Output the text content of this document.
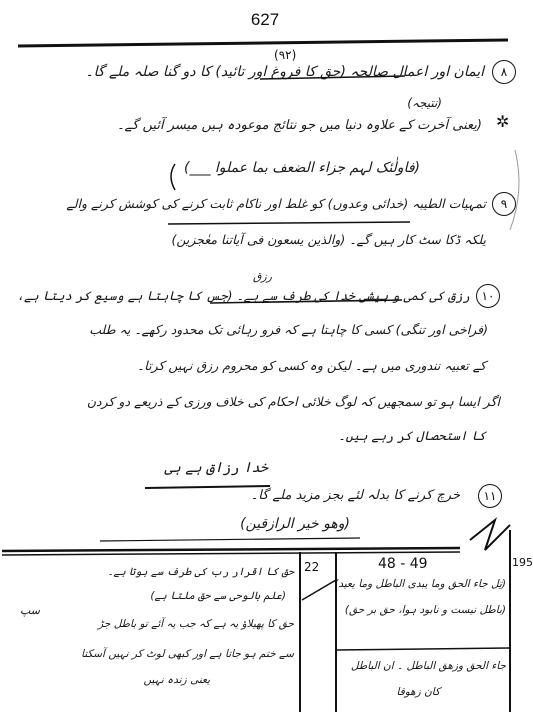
627
٨
ایمان اور اعمال صالحہ (حق کا فروغ اور تائید) کا دو گنا صلہ ملے گا۔
(٩٢)
(نتیجہ)
✲
(یعنی آخرت کے علاوہ دنیا میں جو نتائج موعودہ ہیں میسر آئیں گے۔
(فاولٰئک لہم جزاء الضعف بما عملوا ___)
٩
تمہیات الطیبہ (خدائی وعدوں) کو غلط اور ناکام ثابت کرنے کی کوشش کرنے والے
یلکہ ڈکا سٹ کار ہیں گے۔ (والذین یسعون فی آیاتنا معٰجزین)
١٠
رزق کی کمی و بیشی خدا کی طرف سے ہے۔ (جس کا چاہتا ہے وسیع کر دیتا ہے،
رزق
(فراخی اور تنگی) کسی کا چاہتا ہے کہ فرو رہائی تک محدود رکھے۔ یہ طلب
کے تعبیہ نندوری میں ہے۔ لیکن وہ کسی کو محروم رزق نہیں کرتا۔
اگر ایسا ہو تو سمجھیں کہ لوگ خلائی احکام کی خلاف ورزی کے ذریعے دو کردن
کا استحصال کر رہے ہیں۔
خدا رزاق ہے ہی
١١
خرچ کرنے کا بدلہ لئے بجز مزید ملے گا۔
(وھو خیر الرازقین)
22	48 - 49	195
سپ
(تِل جاء الحق وما یبدی الباطل وما یعید)
(باطل نیست و نابود ہوا، حق بر حق)
جاء الحق وزھق الباطل ۔ ان الباطل
کان زھوقا
حق کا اقرار رب کی طرف سے ہوتا ہے۔
(علم بالوحی سے حق ملتا ہے)
حق کا پھیلاؤ یہ ہے کہ جب یہ آئے تو باطل جڑ
سے ختم ہو جاتا ہے اور کبھی لوٹ کر نہیں آسکتا
یعنی زندہ نہیں
